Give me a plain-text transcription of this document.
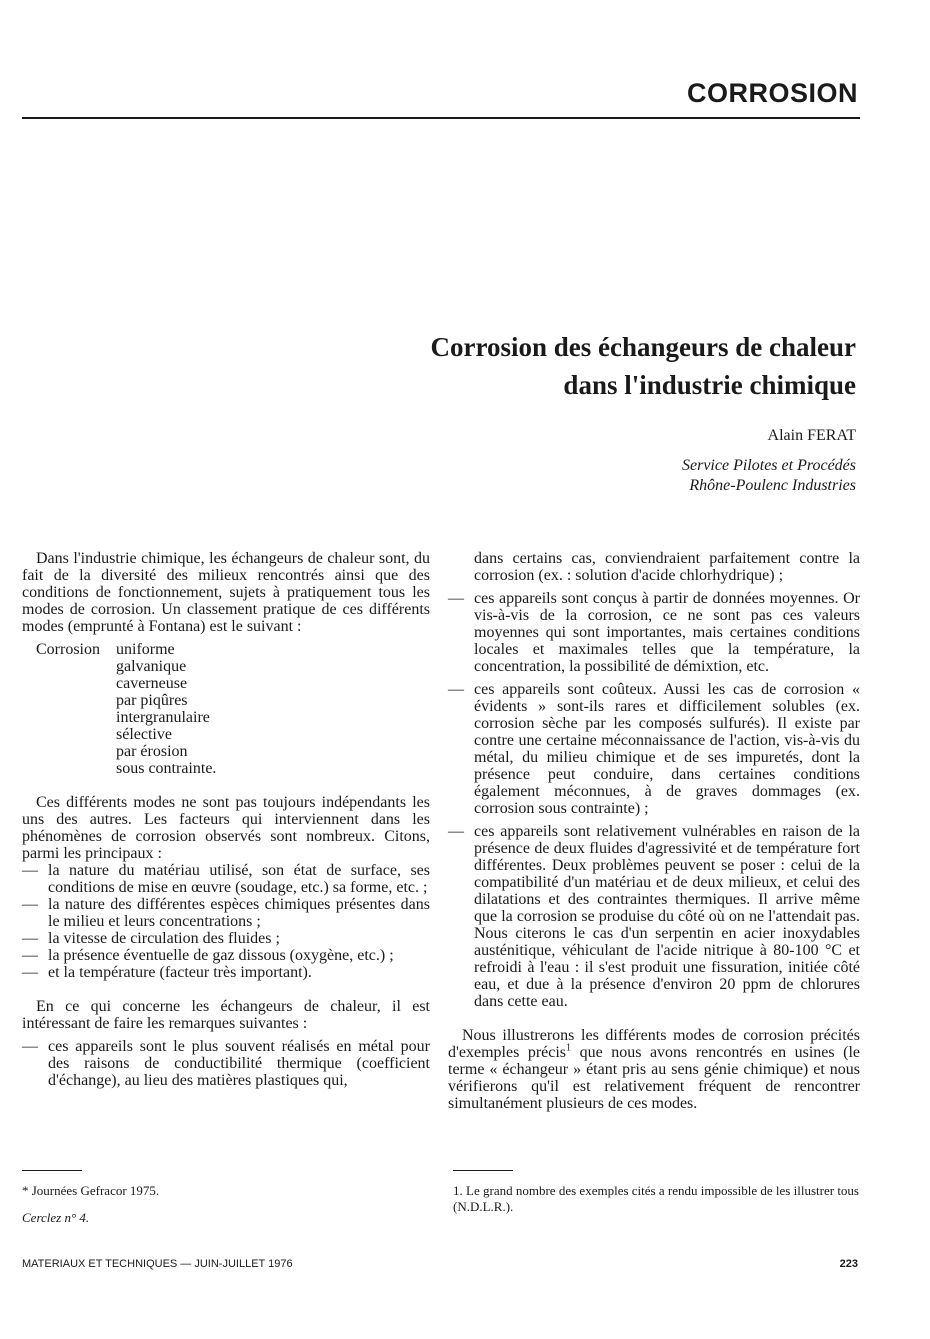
CORROSION
Corrosion des échangeurs de chaleur
dans l'industrie chimique
Alain FERAT
Service Pilotes et Procédés
Rhône-Poulenc Industries

Dans l'industrie chimique, les échangeurs de chaleur sont, du fait de la diversité des milieux rencontrés ainsi que des conditions de fonctionnement, sujets à pratiquement tous les modes de corrosion. Un classement pratique de ces différents modes (emprunté à Fontana) est le suivant :

Corrosion	uniforme
galvanique
caverneuse
par piqûres
intergranulaire
sélective
par érosion
sous contrainte.

Ces différents modes ne sont pas toujours indépendants les uns des autres. Les facteurs qui interviennent dans les phénomènes de corrosion observés sont nombreux. Citons, parmi les principaux :

— la nature du matériau utilisé, son état de surface, ses conditions de mise en œuvre (soudage, etc.) sa forme, etc. ;

— la nature des différentes espèces chimiques présentes dans le milieu et leurs concentrations ;

— la vitesse de circulation des fluides ;

— la présence éventuelle de gaz dissous (oxygène, etc.) ;

— et la température (facteur très important).

En ce qui concerne les échangeurs de chaleur, il est intéressant de faire les remarques suivantes :

— ces appareils sont le plus souvent réalisés en métal pour des raisons de conductibilité thermique (coefficient d'échange), au lieu des matières plastiques qui,

dans certains cas, conviendraient parfaitement contre la corrosion (ex. : solution d'acide chlorhydrique) ;

— ces appareils sont conçus à partir de données moyennes. Or vis-à-vis de la corrosion, ce ne sont pas ces valeurs moyennes qui sont importantes, mais certaines conditions locales et maximales telles que la température, la concentration, la possibilité de démixtion, etc.

— ces appareils sont coûteux. Aussi les cas de corrosion « évidents » sont-ils rares et difficilement solubles (ex. corrosion sèche par les composés sulfurés). Il existe par contre une certaine méconnaissance de l'action, vis-à-vis du métal, du milieu chimique et de ses impuretés, dont la présence peut conduire, dans certaines conditions également méconnues, à de graves dommages (ex. corrosion sous contrainte) ;

— ces appareils sont relativement vulnérables en raison de la présence de deux fluides d'agressivité et de température fort différentes. Deux problèmes peuvent se poser : celui de la compatibilité d'un matériau et de deux milieux, et celui des dilatations et des contraintes thermiques. Il arrive même que la corrosion se produise du côté où on ne l'attendait pas. Nous citerons le cas d'un serpentin en acier inoxydables austénitique, véhiculant de l'acide nitrique à 80-100 °C et refroidi à l'eau : il s'est produit une fissuration, initiée côté eau, et due à la présence d'environ 20 ppm de chlorures dans cette eau.

Nous illustrerons les différents modes de corrosion précités d'exemples précis$^1$ que nous avons rencontrés en usines (le terme « échangeur » étant pris au sens génie chimique) et nous vérifierons qu'il est relativement fréquent de rencontrer simultanément plusieurs de ces modes.

* Journées Gefracor 1975.
Cerclez n° 4.
1. Le grand nombre des exemples cités a rendu impossible de les illustrer tous (N.D.L.R.).
MATERIAUX ET TECHNIQUES — JUIN-JUILLET 1976	223
